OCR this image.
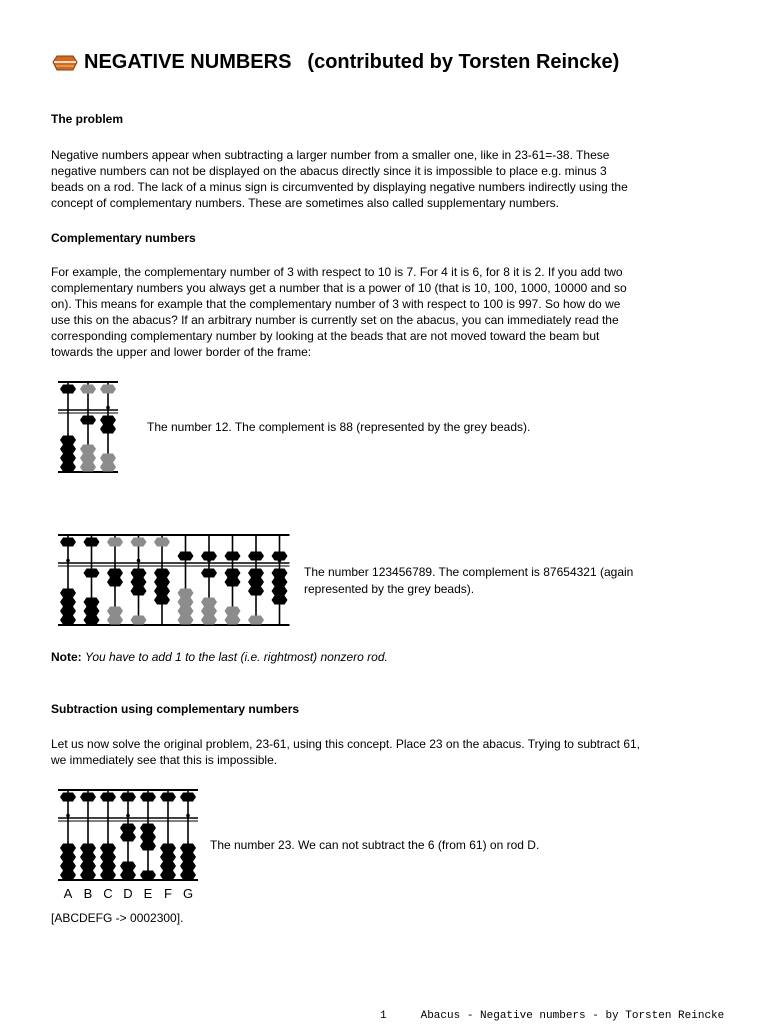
NEGATIVE NUMBERS (contributed by Torsten Reincke)
The problem
Negative numbers appear when subtracting a larger number from a smaller one, like in 23-61=-38. These
negative numbers can not be displayed on the abacus directly since it is impossible to place e.g. minus 3
beads on a rod. The lack of a minus sign is circumvented by displaying negative numbers indirectly using the
concept of complementary numbers. These are sometimes also called supplementary numbers.
Complementary numbers
For example, the complementary number of 3 with respect to 10 is 7. For 4 it is 6, for 8 it is 2. If you add two
complementary numbers you always get a number that is a power of 10 (that is 10, 100, 1000, 10000 and so
on). This means for example that the complementary number of 3 with respect to 100 is 997. So how do we
use this on the abacus? If an arbitrary number is currently set on the abacus, you can immediately read the
corresponding complementary number by looking at the beads that are not moved toward the beam but
towards the upper and lower border of the frame:
The number 12. The complement is 88 (represented by the grey beads).
The number 123456789. The complement is 87654321 (again
represented by the grey beads).
Note: You have to add 1 to the last (i.e. rightmost) nonzero rod.
Subtraction using complementary numbers
Let us now solve the original problem, 23-61, using this concept. Place 23 on the abacus. Trying to subtract 61,
we immediately see that this is impossible.
A B C D E F G
The number 23. We can not subtract the 6 (from 61) on rod D.
[ABCDEFG -> 0002300].
1	Abacus - Negative numbers - by Torsten Reincke
